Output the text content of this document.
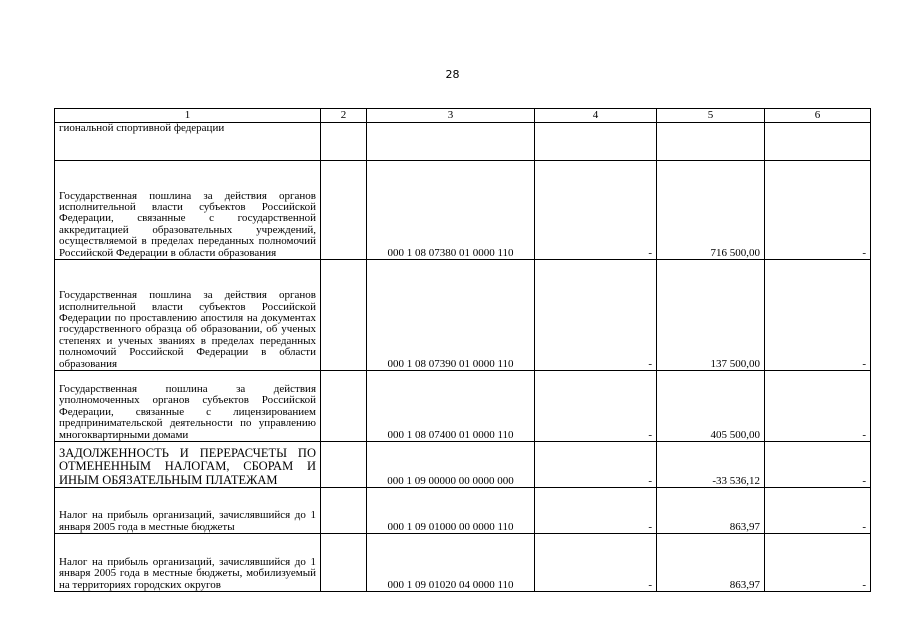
28
1	2	3	4	5	6
гиональной спортивной федерации					
Государственная пошлина за действия органов исполнительной власти субъектов Российской Федерации, связанные с государственной аккредитацией образовательных учреждений, осуществляемой в пределах переданных полномочий Российской Федерации в области образования		000 1 08 07380 01 0000 110	-	716 500,00	-
Государственная пошлина за действия органов исполнительной власти субъектов Российской Федерации по проставлению апостиля на документах государственного образца об образовании, об ученых степенях и ученых званиях в пределах переданных полномочий Российской Федерации в области образования		000 1 08 07390 01 0000 110	-	137 500,00	-
Государственная пошлина за действия уполномоченных органов субъектов Российской Федерации, связанные с лицензированием предпринимательской деятельности по управлению многоквартирными домами		000 1 08 07400 01 0000 110	-	405 500,00	-
ЗАДОЛЖЕННОСТЬ И ПЕРЕРАСЧЕТЫ ПО ОТМЕНЕННЫМ НАЛОГАМ, СБОРАМ И ИНЫМ ОБЯЗАТЕЛЬНЫМ ПЛАТЕЖАМ		000 1 09 00000 00 0000 000	-	-33 536,12	-
Налог на прибыль организаций, зачислявшийся до 1 января 2005 года в местные бюджеты		000 1 09 01000 00 0000 110	-	863,97	-
Налог на прибыль организаций, зачислявшийся до 1 января 2005 года в местные бюджеты, мобилизуемый на территориях городских округов		000 1 09 01020 04 0000 110	-	863,97	-
